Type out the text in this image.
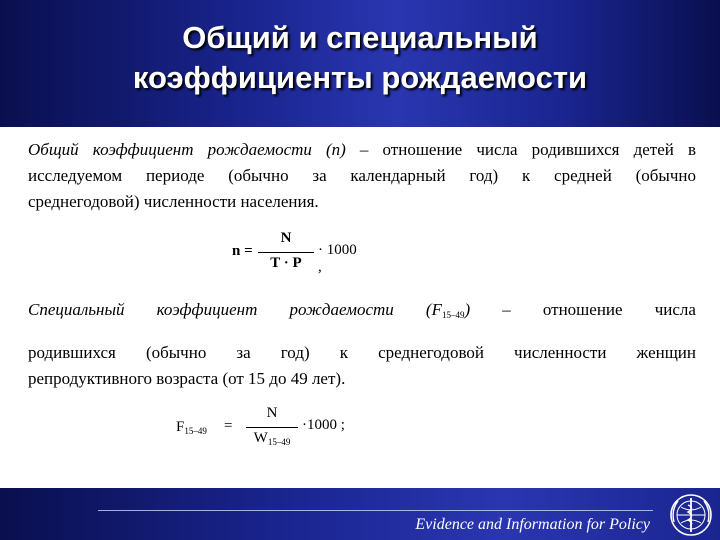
Общий и специальный
коэффициенты рождаемости
Общий коэффициент рождаемости (n) – отношение числа родившихся детей в
исследуемом периоде (обычно за календарный год) к средней (обычно
среднегодовой) численности населения.
n =
N
T · P
· 1000 ,
Специальный коэффициент рождаемости $(F_{15-49})$ – отношение числа
родившихся (обычно за год) к среднегодовой численности женщин
репродуктивного возраста (от 15 до 49 лет).
$F_{15-49}$ =
N
$W_{15-49}$
·1000 ;
Evidence and Information for Policy
